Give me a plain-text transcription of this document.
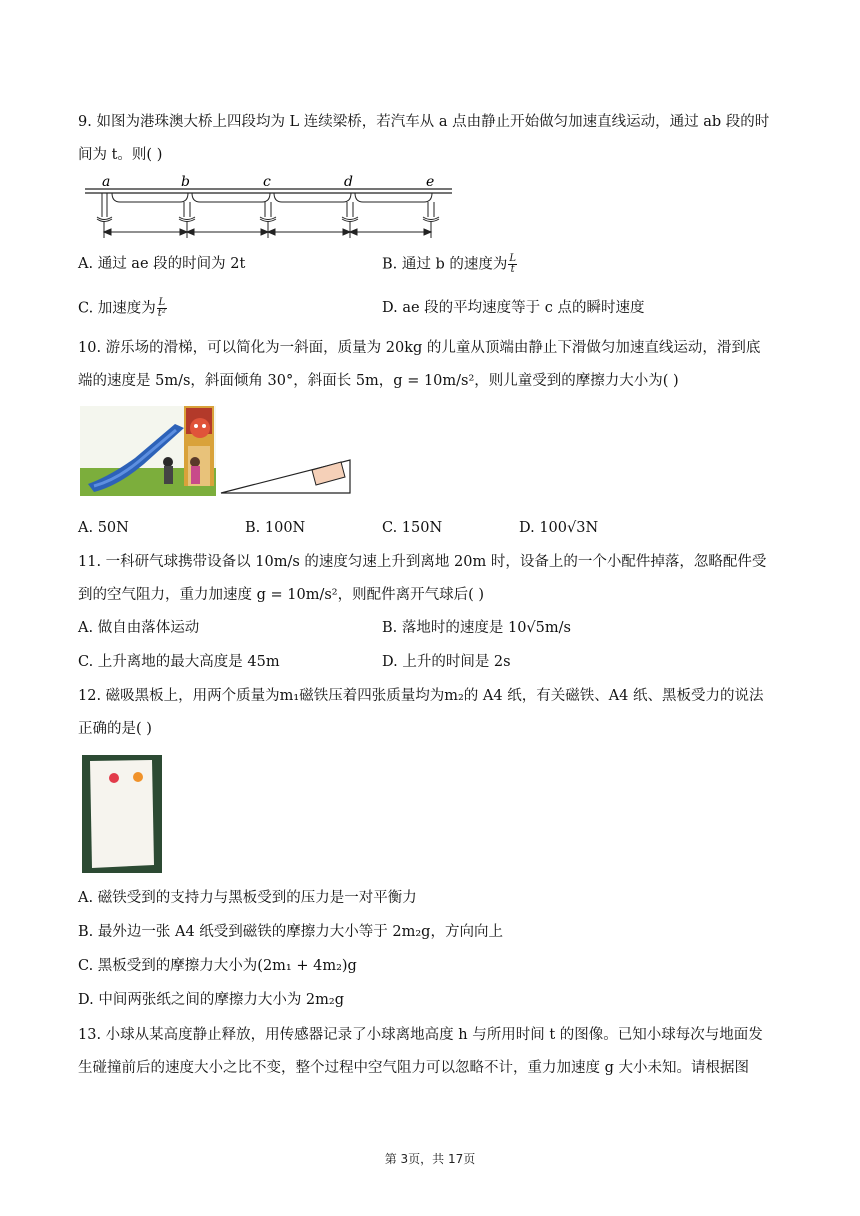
9. 如图为港珠澳大桥上四段均为 L 连续梁桥，若汽车从 a 点由静止开始做匀加速直线运动，通过 ab 段的时
间为 t。则( )
a	b	c	d	e
A. 通过 ae 段的时间为 2t	B. 通过 b 的速度为 $\frac{L}{t}$
C. 加速度为 $\frac{L}{\text{t²}}$	D. ae 段的平均速度等于 c 点的瞬时速度
10. 游乐场的滑梯，可以简化为一斜面，质量为 20kg 的儿童从顶端由静止下滑做匀加速直线运动，滑到底
端的速度是 5m/s，斜面倾角 30°，斜面长 5m，g = 10m/s²，则儿童受到的摩擦力大小为( )
A. 50N	B. 100N	C. 150N	D. 100√3N
11. 一科研气球携带设备以 10m/s 的速度匀速上升到离地 20m 时，设备上的一个小配件掉落，忽略配件受
到的空气阻力，重力加速度 g = 10m/s²，则配件离开气球后( )
A. 做自由落体运动	B. 落地时的速度是 10√5m/s
C. 上升离地的最大高度是 45m	D. 上升的时间是 2s
12. 磁吸黑板上，用两个质量为m₁磁铁压着四张质量均为m₂的 A4 纸，有关磁铁、A4 纸、黑板受力的说法
正确的是( )
A. 磁铁受到的支持力与黑板受到的压力是一对平衡力
B. 最外边一张 A4 纸受到磁铁的摩擦力大小等于 2m₂g，方向向上
C. 黑板受到的摩擦力大小为(2m₁ + 4m₂)g
D. 中间两张纸之间的摩擦力大小为 2m₂g
13. 小球从某高度静止释放，用传感器记录了小球离地高度 h 与所用时间 t 的图像。已知小球每次与地面发
生碰撞前后的速度大小之比不变，整个过程中空气阻力可以忽略不计，重力加速度 g 大小未知。请根据图
第 3页，共 17页
